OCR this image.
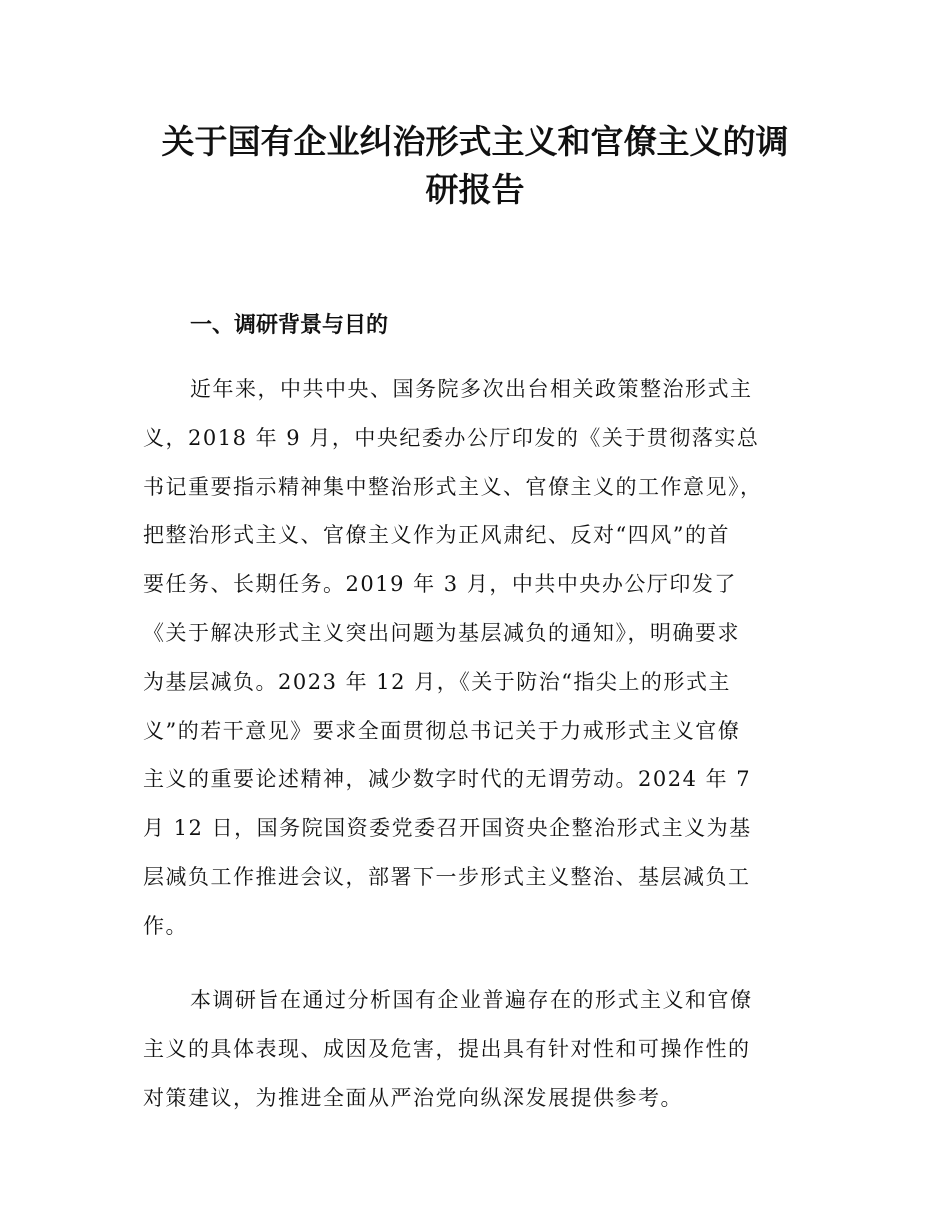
关于国有企业纠治形式主义和官僚主义的调
研报告
一、调研背景与目的
近年来，中共中央、国务院多次出台相关政策整治形式主
义，2018 年 9 月，中央纪委办公厅印发的《关于贯彻落实总
书记重要指示精神集中整治形式主义、官僚主义的工作意见》，
把整治形式主义、官僚主义作为正风肃纪、反对“四风”的首
要任务、长期任务。2019 年 3 月，中共中央办公厅印发了
《关于解决形式主义突出问题为基层减负的通知》，明确要求
为基层减负。2023 年 12 月，《关于防治“指尖上的形式主
义”的若干意见》要求全面贯彻总书记关于力戒形式主义官僚
主义的重要论述精神，减少数字时代的无谓劳动。2024 年 7
月 12 日，国务院国资委党委召开国资央企整治形式主义为基
层减负工作推进会议，部署下一步形式主义整治、基层减负工
作。
本调研旨在通过分析国有企业普遍存在的形式主义和官僚
主义的具体表现、成因及危害，提出具有针对性和可操作性的
对策建议，为推进全面从严治党向纵深发展提供参考。
